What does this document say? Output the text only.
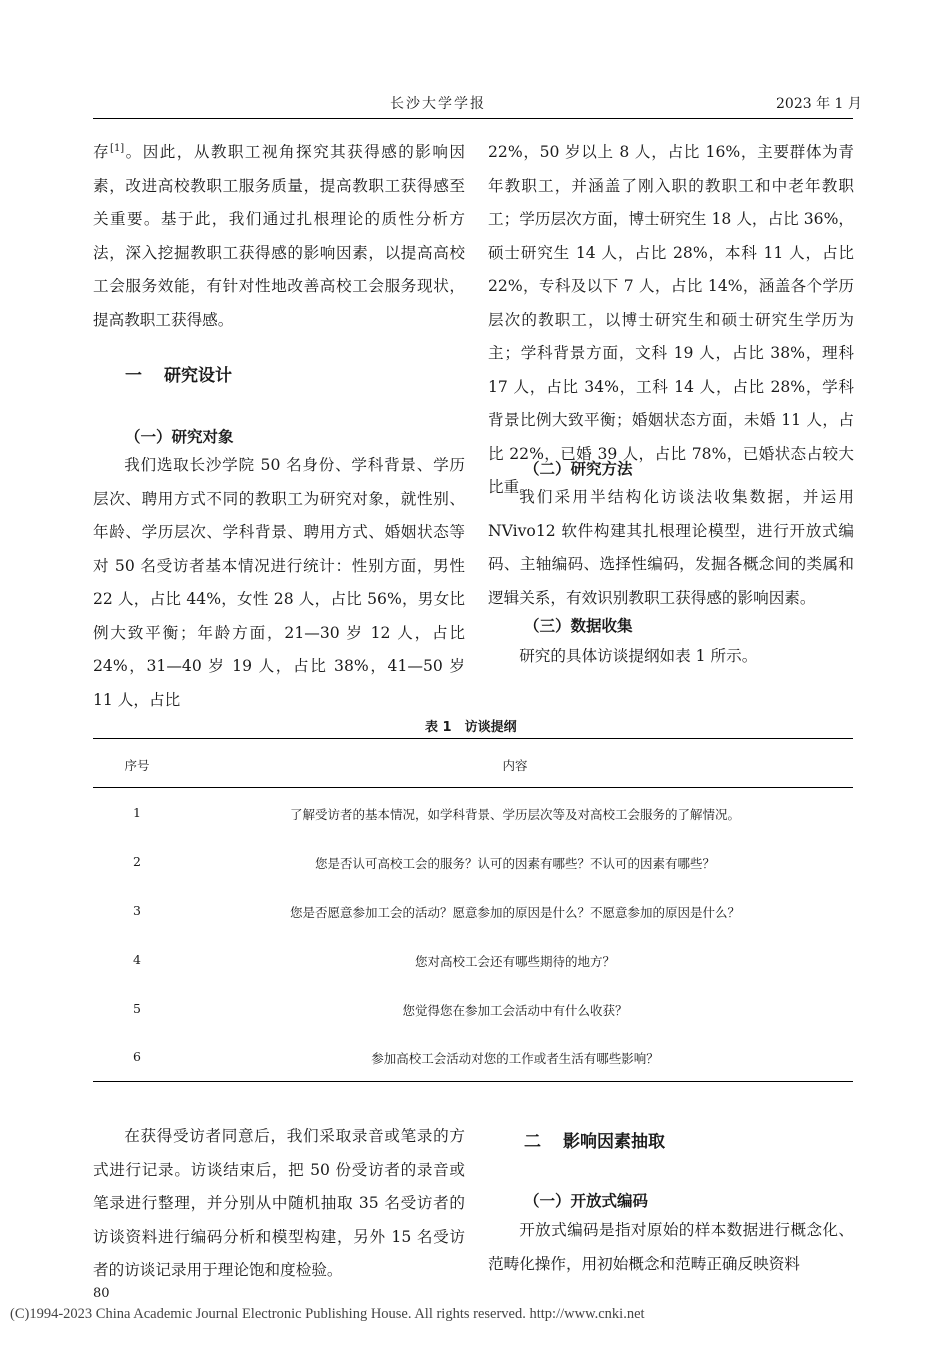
长沙大学学报	2023 年 1 月

存[1]。因此，从教职工视角探究其获得感的影响因素，改进高校教职工服务质量，提高教职工获得感至关重要。基于此，我们通过扎根理论的质性分析方法，深入挖掘教职工获得感的影响因素，以提高高校工会服务效能，有针对性地改善高校工会服务现状，提高教职工获得感。

一 研究设计
（一）研究对象

我们选取长沙学院 50 名身份、学科背景、学历层次、聘用方式不同的教职工为研究对象，就性别、年龄、学历层次、学科背景、聘用方式、婚姻状态等对 50 名受访者基本情况进行统计：性别方面，男性 22 人，占比 44%，女性 28 人，占比 56%，男女比例大致平衡；年龄方面，21—30 岁 12 人，占比 24%，31—40 岁 19 人，占比 38%，41—50 岁 11 人，占比

22%，50 岁以上 8 人，占比 16%，主要群体为青年教职工，并涵盖了刚入职的教职工和中老年教职工；学历层次方面，博士研究生 18 人，占比 36%，硕士研究生 14 人，占比 28%，本科 11 人，占比 22%，专科及以下 7 人，占比 14%，涵盖各个学历层次的教职工，以博士研究生和硕士研究生学历为主；学科背景方面，文科 19 人，占比 38%，理科 17 人，占比 34%，工科 14 人，占比 28%，学科背景比例大致平衡；婚姻状态方面，未婚 11 人，占比 22%，已婚 39 人，占比 78%，已婚状态占较大比重。

（二）研究方法

我们采用半结构化访谈法收集数据，并运用 NVivo12 软件构建其扎根理论模型，进行开放式编码、主轴编码、选择性编码，发掘各概念间的类属和逻辑关系，有效识别教职工获得感的影响因素。

（三）数据收集

研究的具体访谈提纲如表 1 所示。

表 1　访谈提纲
序号	内容
1	了解受访者的基本情况，如学科背景、学历层次等及对高校工会服务的了解情况。
2	您是否认可高校工会的服务？认可的因素有哪些？不认可的因素有哪些？
3	您是否愿意参加工会的活动？愿意参加的原因是什么？不愿意参加的原因是什么？
4	您对高校工会还有哪些期待的地方？
5	您觉得您在参加工会活动中有什么收获？
6	参加高校工会活动对您的工作或者生活有哪些影响？

在获得受访者同意后，我们采取录音或笔录的方式进行记录。访谈结束后，把 50 份受访者的录音或笔录进行整理，并分别从中随机抽取 35 名受访者的访谈资料进行编码分析和模型构建，另外 15 名受访者的访谈记录用于理论饱和度检验。

二 影响因素抽取
（一）开放式编码

开放式编码是指对原始的样本数据进行概念化、范畴化操作，用初始概念和范畴正确反映资料

80
(C)1994-2023 China Academic Journal Electronic Publishing House. All rights reserved. http://www.cnki.net
